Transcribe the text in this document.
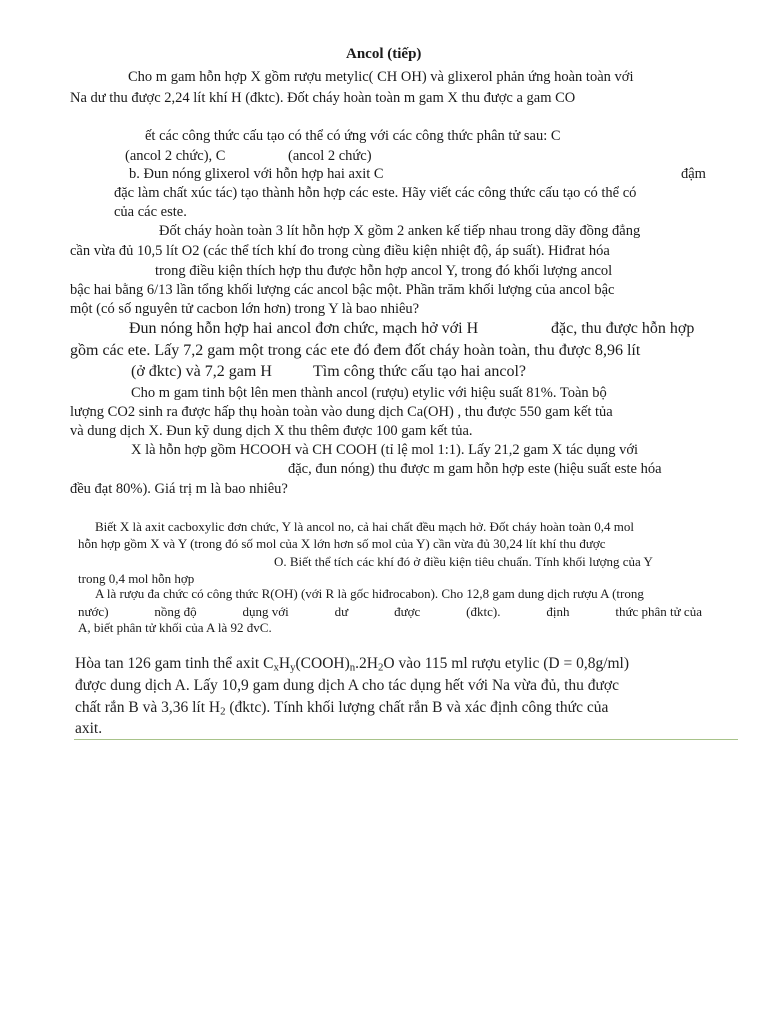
Ancol (tiếp)
Cho m gam hỗn hợp X gồm rượu metylic( CH OH) và glixerol phản ứng hoàn toàn với
Na dư thu được 2,24 lít khí H (đktc). Đốt cháy hoàn toàn m gam X thu được a gam CO
ết các công thức cấu tạo có thể có ứng với các công thức phân tử sau: C
(ancol 2 chức), C	(ancol 2 chức)
b. Đun nóng glixerol với hỗn hợp hai axit C	đậm
đặc làm chất xúc tác) tạo thành hỗn hợp các este. Hãy viết các công thức cấu tạo có thể có
của các este.
Đốt cháy hoàn toàn 3 lít hỗn hợp X gồm 2 anken kế tiếp nhau trong dãy đồng đẳng
cần vừa đủ 10,5 lít O2 (các thể tích khí đo trong cùng điều kiện nhiệt độ, áp suất). Hiđrat hóa
trong điều kiện thích hợp thu được hỗn hợp ancol Y, trong đó khối lượng ancol
bậc hai bằng 6/13 lần tổng khối lượng các ancol bậc một. Phần trăm khối lượng của ancol bậc
một (có số nguyên tử cacbon lớn hơn) trong Y là bao nhiêu?
Đun nóng hỗn hợp hai ancol đơn chức, mạch hở với H	đặc, thu được hỗn hợp
gồm các ete. Lấy 7,2 gam một trong các ete đó đem đốt cháy hoàn toàn, thu được 8,96 lít
(ở đktc) và 7,2 gam H	Tìm công thức cấu tạo hai ancol?
Cho m gam tinh bột lên men thành ancol (rượu) etylic với hiệu suất 81%. Toàn bộ
lượng CO2 sinh ra được hấp thụ hoàn toàn vào dung dịch Ca(OH) , thu được 550 gam kết tủa
và dung dịch X. Đun kỹ dung dịch X thu thêm được 100 gam kết tủa.
X là hỗn hợp gồm HCOOH và CH COOH (tỉ lệ mol 1:1). Lấy 21,2 gam X tác dụng với
đặc, đun nóng) thu được m gam hỗn hợp este (hiệu suất este hóa
đều đạt 80%). Giá trị m là bao nhiêu?
Biết X là axit cacboxylic đơn chức, Y là ancol no, cả hai chất đều mạch hở. Đốt cháy hoàn toàn 0,4 mol
hỗn hợp gồm X và Y (trong đó số mol của X lớn hơn số mol của Y) cần vừa đủ 30,24 lít khí thu được
O. Biết thể tích các khí đó ở điều kiện tiêu chuẩn. Tính khối lượng của Y
trong 0,4 mol hỗn hợp
A là rượu đa chức có công thức R(OH) (với R là gốc hiđrocabon). Cho 12,8 gam dung dịch rượu A (trong
nước)	nồng độ	dụng với	dư	được	(đktc).	định	thức phân tử của
A, biết phân tử khối của A là 92 đvC.
Hòa tan 126 gam tinh thể axit $C_xH_y(COOH)_n.2H_2O$ vào 115 ml rượu etylic (D = 0,8g/ml)
được dung dịch A. Lấy 10,9 gam dung dịch A cho tác dụng hết với Na vừa đủ, thu được
chất rắn B và 3,36 lít $H_2$ (đktc). Tính khối lượng chất rắn B và xác định công thức của
axit.
